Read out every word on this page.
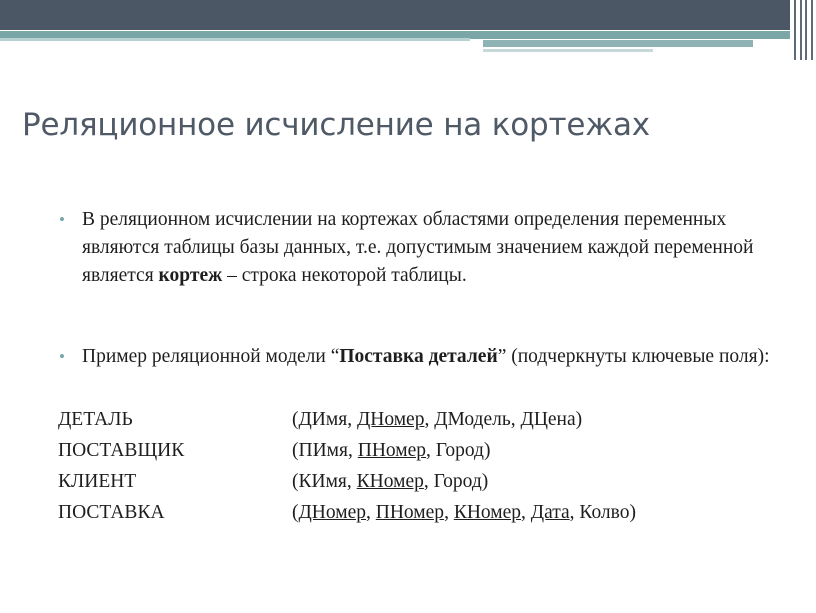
Реляционное исчисление на кортежах

• В реляционном исчислении на кортежах областями определения переменных являются таблицы базы данных, т.е. допустимым значением каждой переменной является кортеж – строка некоторой таблицы.

• Пример реляционной модели “Поставка деталей” (подчеркнуты ключевые поля):

ДЕТАЛЬ	(ДИмя, ДНомер, ДМодель, ДЦена)
ПОСТАВЩИК	(ПИмя, ПНомер, Город)
КЛИЕНТ	(КИмя, КНомер, Город)
ПОСТАВКА	(ДНомер, ПНомер, КНомер, Дата, Колво)
